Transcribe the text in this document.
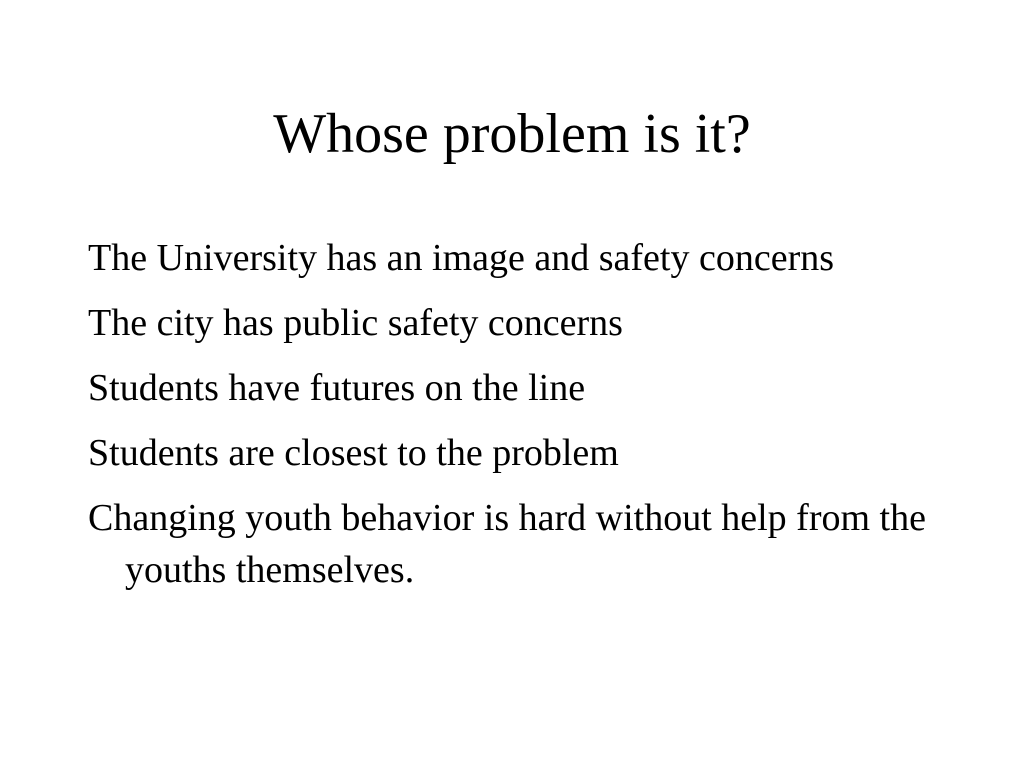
Whose problem is it?
The University has an image and safety concerns
The city has public safety concerns
Students have futures on the line
Students are closest to the problem
Changing youth behavior is hard without help from the youths themselves.
